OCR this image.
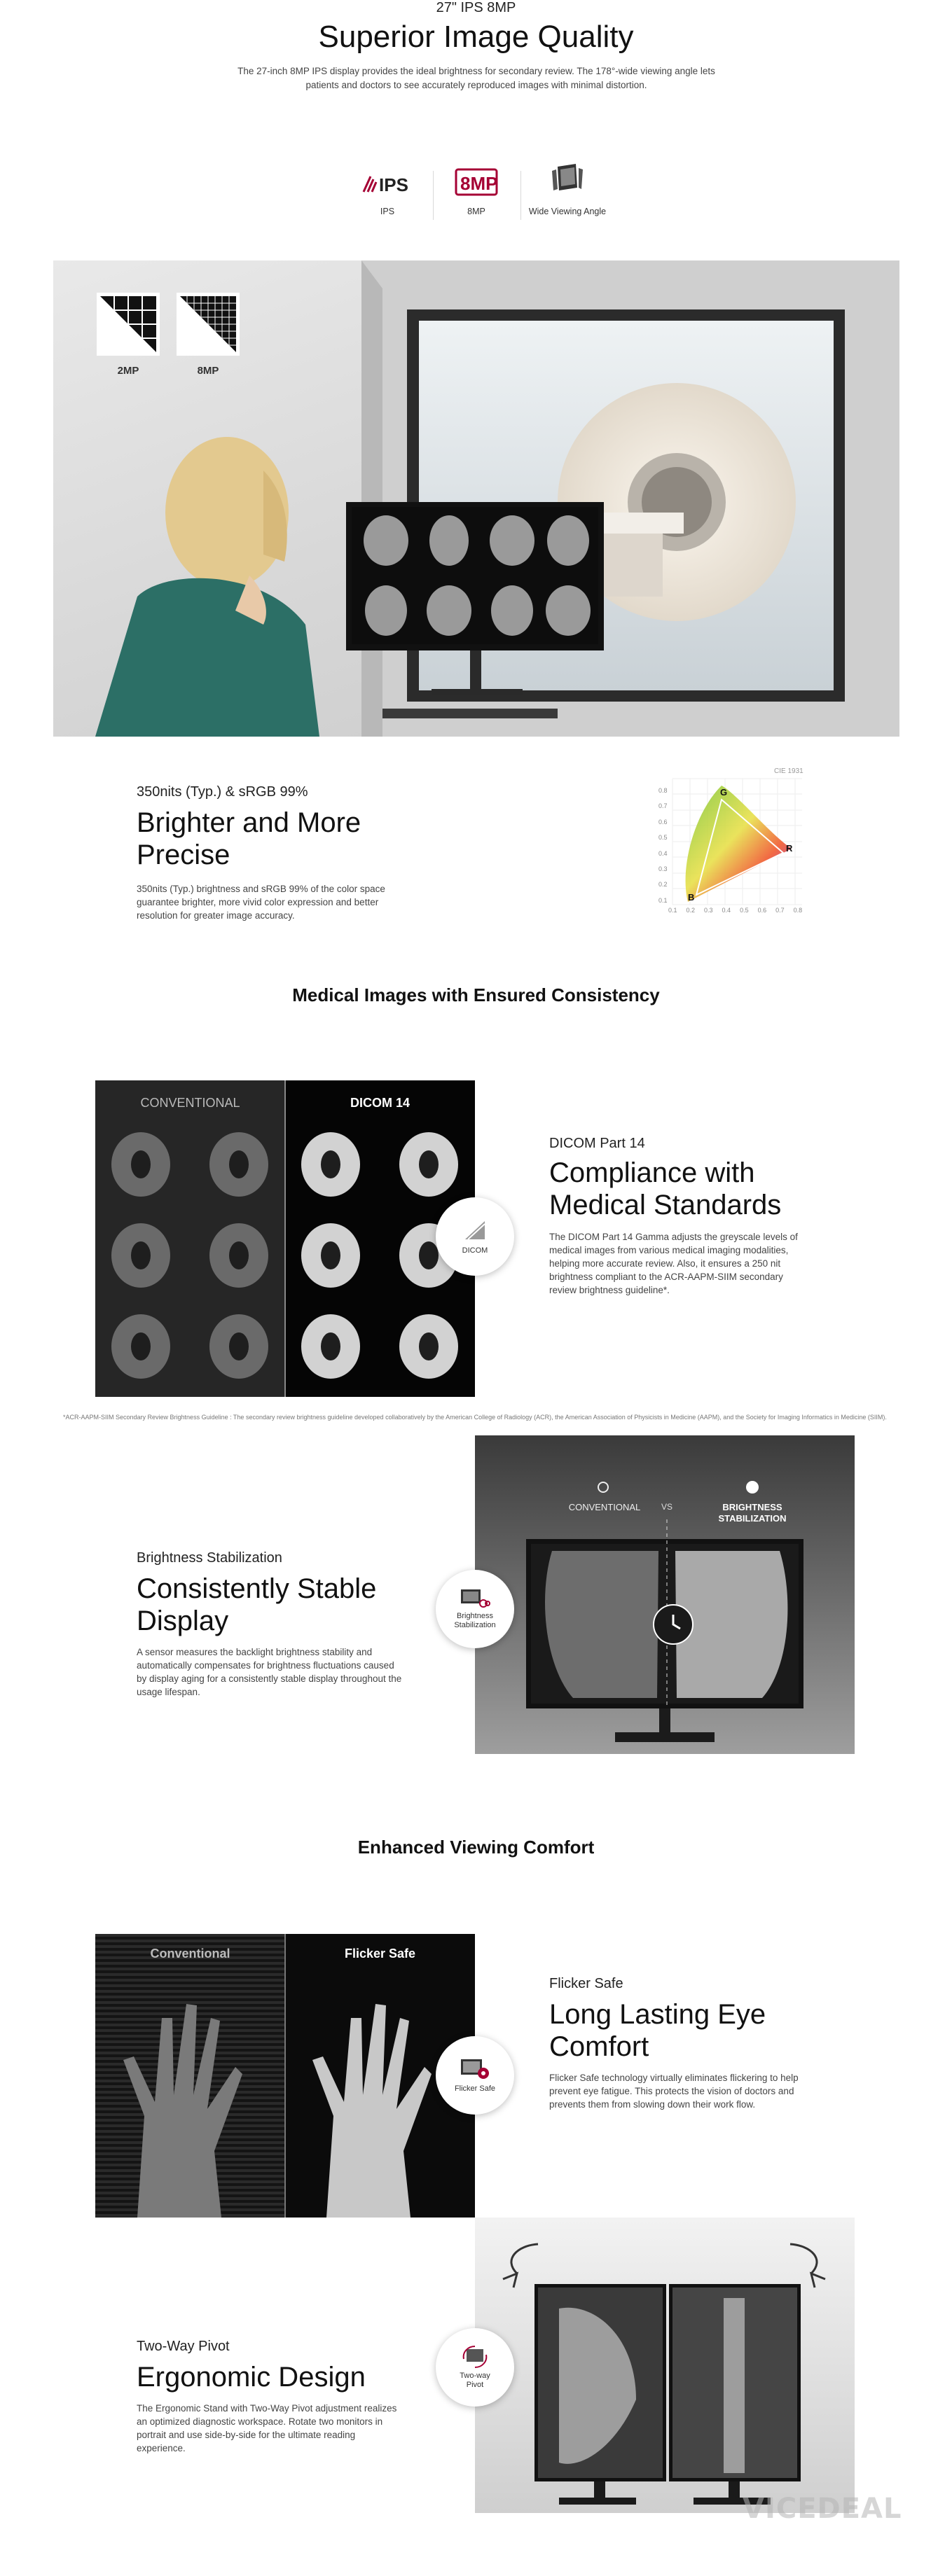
27" IPS 8MP
Superior Image Quality

The 27-inch 8MP IPS display provides the ideal brightness for secondary review. The 178°-wide viewing angle lets patients and doctors to see accurately reproduced images with minimal distortion.

IPS
IPS
8MP
8MP	Wide Viewing Angle
2MP	8MP
350nits (Typ.) & sRGB 99%
Brighter and More Precise

350nits (Typ.) brightness and sRGB 99% of the color space guarantee brighter, more vivid color expression and better resolution for greater image accuracy.

CIE 1931
0.8
0.7
0.6
0.5
0.4
0.3
0.2
0.1
0.1 0.2 0.3 0.4 0.5 0.6 0.7 0.8
G
R
B
Medical Images with Ensured Consistency
CONVENTIONAL	DICOM 14
DICOM
DICOM Part 14
Compliance with Medical Standards

The DICOM Part 14 Gamma adjusts the greyscale levels of medical images from various medical imaging modalities, helping more accurate review. Also, it ensures a 250 nit brightness compliant to the ACR-AAPM-SIIM secondary review brightness guideline*.

*ACR-AAPM-SIIM Secondary Review Brightness Guideline : The secondary review brightness guideline developed collaboratively by the American College of Radiology (ACR), the American Association of Physicists in Medicine (AAPM), and the Society for Imaging Informatics in Medicine (SIIM).

CONVENTIONAL	VS	BRIGHTNESS STABILIZATION
Brightness Stabilization
Brightness Stabilization
Consistently Stable Display

A sensor measures the backlight brightness stability and automatically compensates for brightness fluctuations caused by display aging for a consistently stable display throughout the usage lifespan.

Enhanced Viewing Comfort
Conventional	Flicker Safe
Flicker Safe
Flicker Safe
Long Lasting Eye Comfort

Flicker Safe technology virtually eliminates flickering to help prevent eye fatigue. This protects the vision of doctors and prevents them from slowing down their work flow.

Two-way Pivot
Two-Way Pivot
Ergonomic Design

The Ergonomic Stand with Two-Way Pivot adjustment realizes an optimized diagnostic workspace. Rotate two monitors in portrait and use side-by-side for the ultimate reading experience.

VICEDEAL
